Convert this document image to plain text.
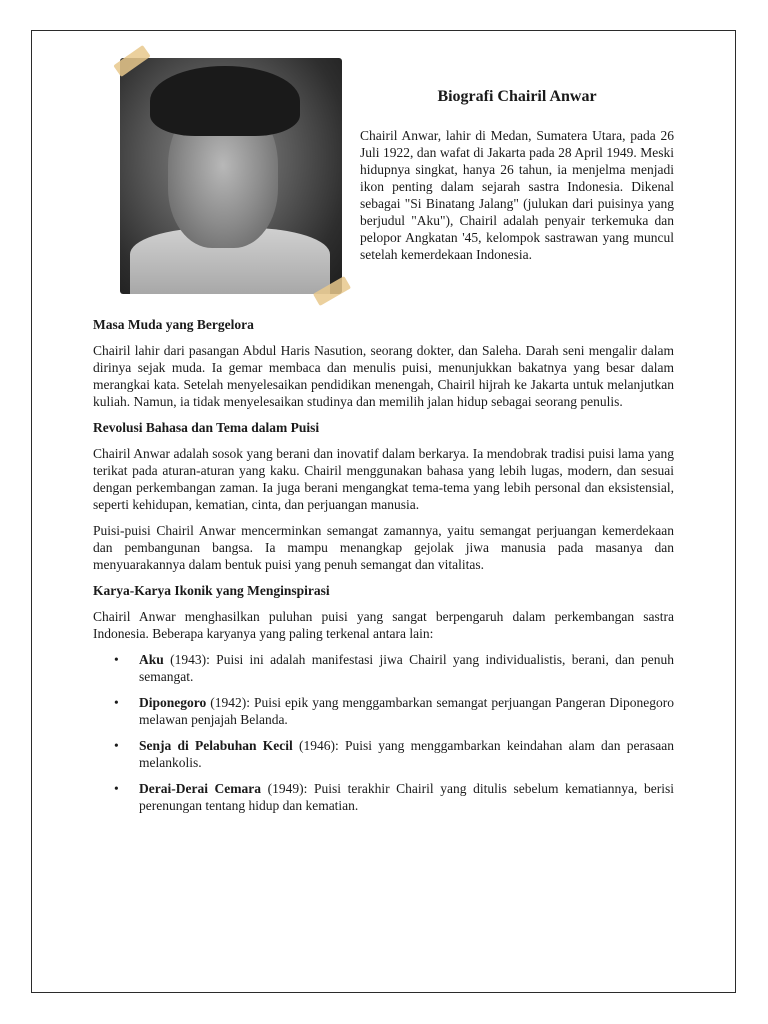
Biografi Chairil Anwar
Chairil Anwar, lahir di Medan, Sumatera Utara, pada 26 Juli 1922, dan wafat di Jakarta pada 28 April 1949. Meski hidupnya singkat, hanya 26 tahun, ia menjelma menjadi ikon penting dalam sejarah sastra Indonesia. Dikenal sebagai "Si Binatang Jalang" (julukan dari puisinya yang berjudul "Aku"), Chairil adalah penyair terkemuka dan pelopor Angkatan '45, kelompok sastrawan yang muncul setelah kemerdekaan Indonesia.
Masa Muda yang Bergelora

Chairil lahir dari pasangan Abdul Haris Nasution, seorang dokter, dan Saleha. Darah seni mengalir dalam dirinya sejak muda. Ia gemar membaca dan menulis puisi, menunjukkan bakatnya yang besar dalam merangkai kata. Setelah menyelesaikan pendidikan menengah, Chairil hijrah ke Jakarta untuk melanjutkan kuliah. Namun, ia tidak menyelesaikan studinya dan memilih jalan hidup sebagai seorang penulis.

Revolusi Bahasa dan Tema dalam Puisi

Chairil Anwar adalah sosok yang berani dan inovatif dalam berkarya. Ia mendobrak tradisi puisi lama yang terikat pada aturan-aturan yang kaku. Chairil menggunakan bahasa yang lebih lugas, modern, dan sesuai dengan perkembangan zaman. Ia juga berani mengangkat tema-tema yang lebih personal dan eksistensial, seperti kehidupan, kematian, cinta, dan perjuangan manusia.

Puisi-puisi Chairil Anwar mencerminkan semangat zamannya, yaitu semangat perjuangan kemerdekaan dan pembangunan bangsa. Ia mampu menangkap gejolak jiwa manusia pada masanya dan menyuarakannya dalam bentuk puisi yang penuh semangat dan vitalitas.

Karya-Karya Ikonik yang Menginspirasi

Chairil Anwar menghasilkan puluhan puisi yang sangat berpengaruh dalam perkembangan sastra Indonesia. Beberapa karyanya yang paling terkenal antara lain:

• Aku (1943): Puisi ini adalah manifestasi jiwa Chairil yang individualistis, berani, dan penuh semangat.
• Diponegoro (1942): Puisi epik yang menggambarkan semangat perjuangan Pangeran Diponegoro melawan penjajah Belanda.
• Senja di Pelabuhan Kecil (1946): Puisi yang menggambarkan keindahan alam dan perasaan melankolis.
• Derai-Derai Cemara (1949): Puisi terakhir Chairil yang ditulis sebelum kematiannya, berisi perenungan tentang hidup dan kematian.
